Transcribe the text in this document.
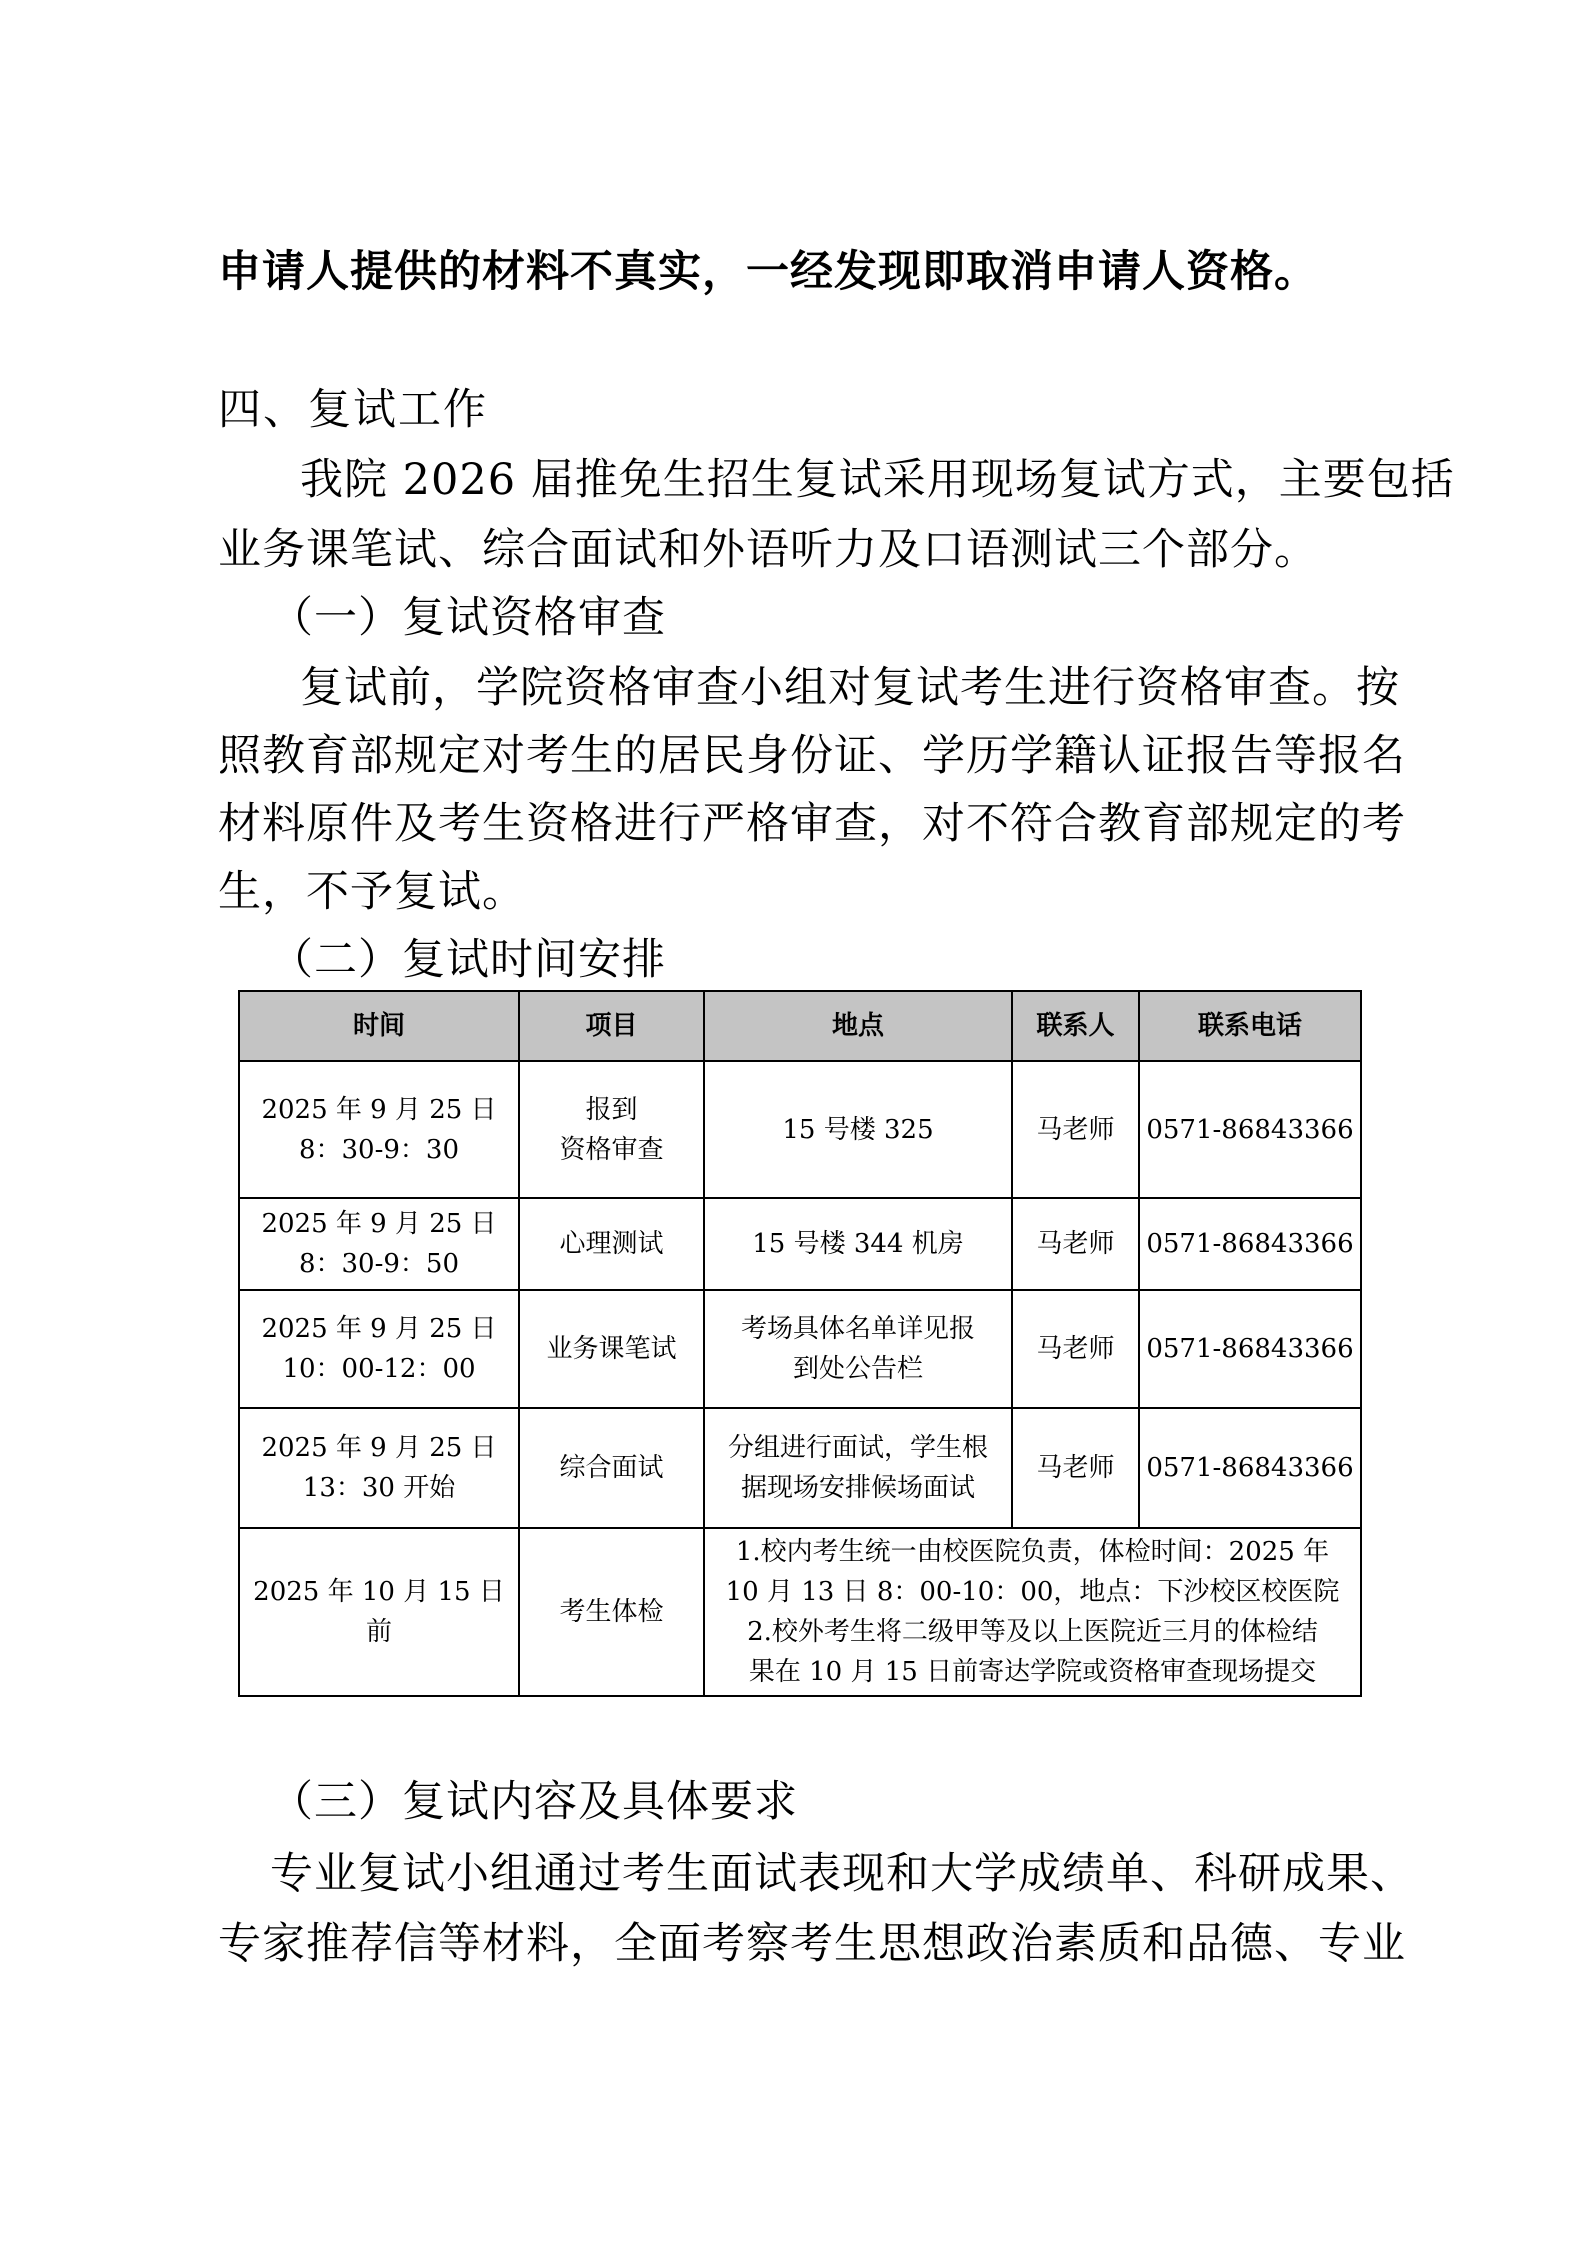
申请人提供的材料不真实，一经发现即取消申请人资格。
四、复试工作
我院 2026 届推免生招生复试采用现场复试方式，主要包括
业务课笔试、综合面试和外语听力及口语测试三个部分。
（一）复试资格审查
复试前，学院资格审查小组对复试考生进行资格审查。按
照教育部规定对考生的居民身份证、学历学籍认证报告等报名
材料原件及考生资格进行严格审查，对不符合教育部规定的考
生，不予复试。
（二）复试时间安排
时间	项目	地点	联系人	联系电话

2025 年 9 月 25 日
8：30-9：30	报到
资格审查	15 号楼 325	马老师	0571-86843366

2025 年 9 月 25 日
8：30-9：50	心理测试	15 号楼 344 机房	马老师	0571-86843366

2025 年 9 月 25 日
10：00-12：00	业务课笔试	考场具体名单详见报
到处公告栏	马老师	0571-86843366

2025 年 9 月 25 日
13：30 开始	综合面试	分组进行面试，学生根
据现场安排候场面试	马老师	0571-86843366

2025 年 10 月 15 日前	考生体检	1.校内考生统一由校医院负责，体检时间：2025 年
10 月 13 日 8：00-10：00，地点：下沙校区校医院
2.校外考生将二级甲等及以上医院近三月的体检结
果在 10 月 15 日前寄达学院或资格审查现场提交		
（三）复试内容及具体要求
专业复试小组通过考生面试表现和大学成绩单、科研成果、
专家推荐信等材料，全面考察考生思想政治素质和品德、专业
